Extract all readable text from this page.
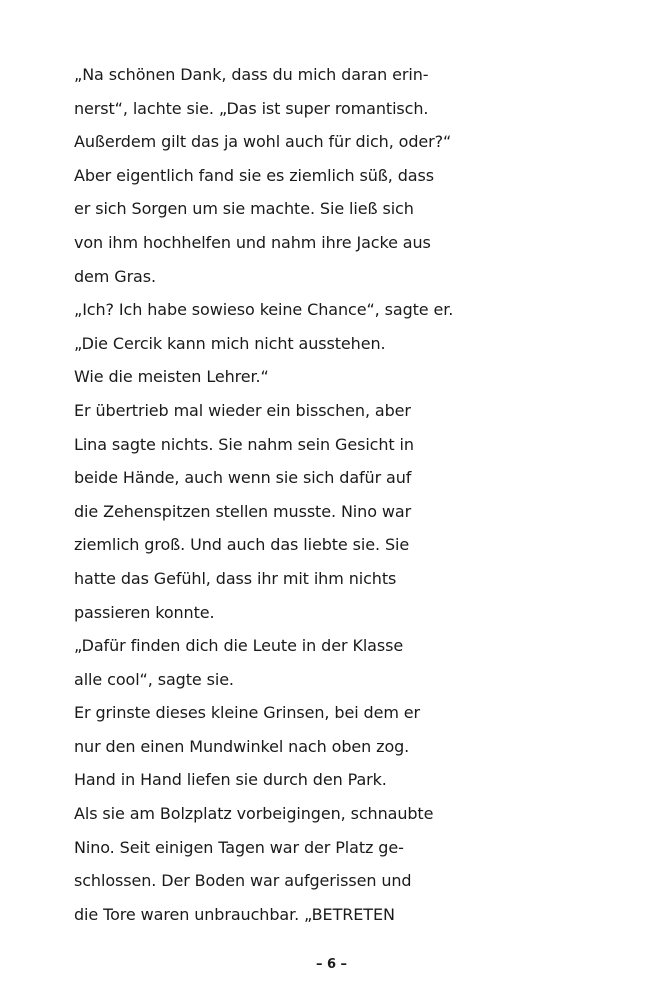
„Na schönen Dank, dass du mich daran erin-
nerst“, lachte sie. „Das ist super romantisch.
Außerdem gilt das ja wohl auch für dich, oder?“
Aber eigentlich fand sie es ziemlich süß, dass
er sich Sorgen um sie machte. Sie ließ sich
von ihm hochhelfen und nahm ihre Jacke aus
dem Gras.
„Ich? Ich habe sowieso keine Chance“, sagte er.
„Die Cercik kann mich nicht ausstehen.
Wie die meisten Lehrer.“
Er übertrieb mal wieder ein bisschen, aber
Lina sagte nichts. Sie nahm sein Gesicht in
beide Hände, auch wenn sie sich dafür auf
die Zehenspitzen stellen musste. Nino war
ziemlich groß. Und auch das liebte sie. Sie
hatte das Gefühl, dass ihr mit ihm nichts
passieren konnte.
„Dafür finden dich die Leute in der Klasse
alle cool“, sagte sie.
Er grinste dieses kleine Grinsen, bei dem er
nur den einen Mundwinkel nach oben zog.
Hand in Hand liefen sie durch den Park.
Als sie am Bolzplatz vorbeigingen, schnaubte
Nino. Seit einigen Tagen war der Platz ge-
schlossen. Der Boden war aufgerissen und
die Tore waren unbrauchbar. „BETRETEN
– 6 –
